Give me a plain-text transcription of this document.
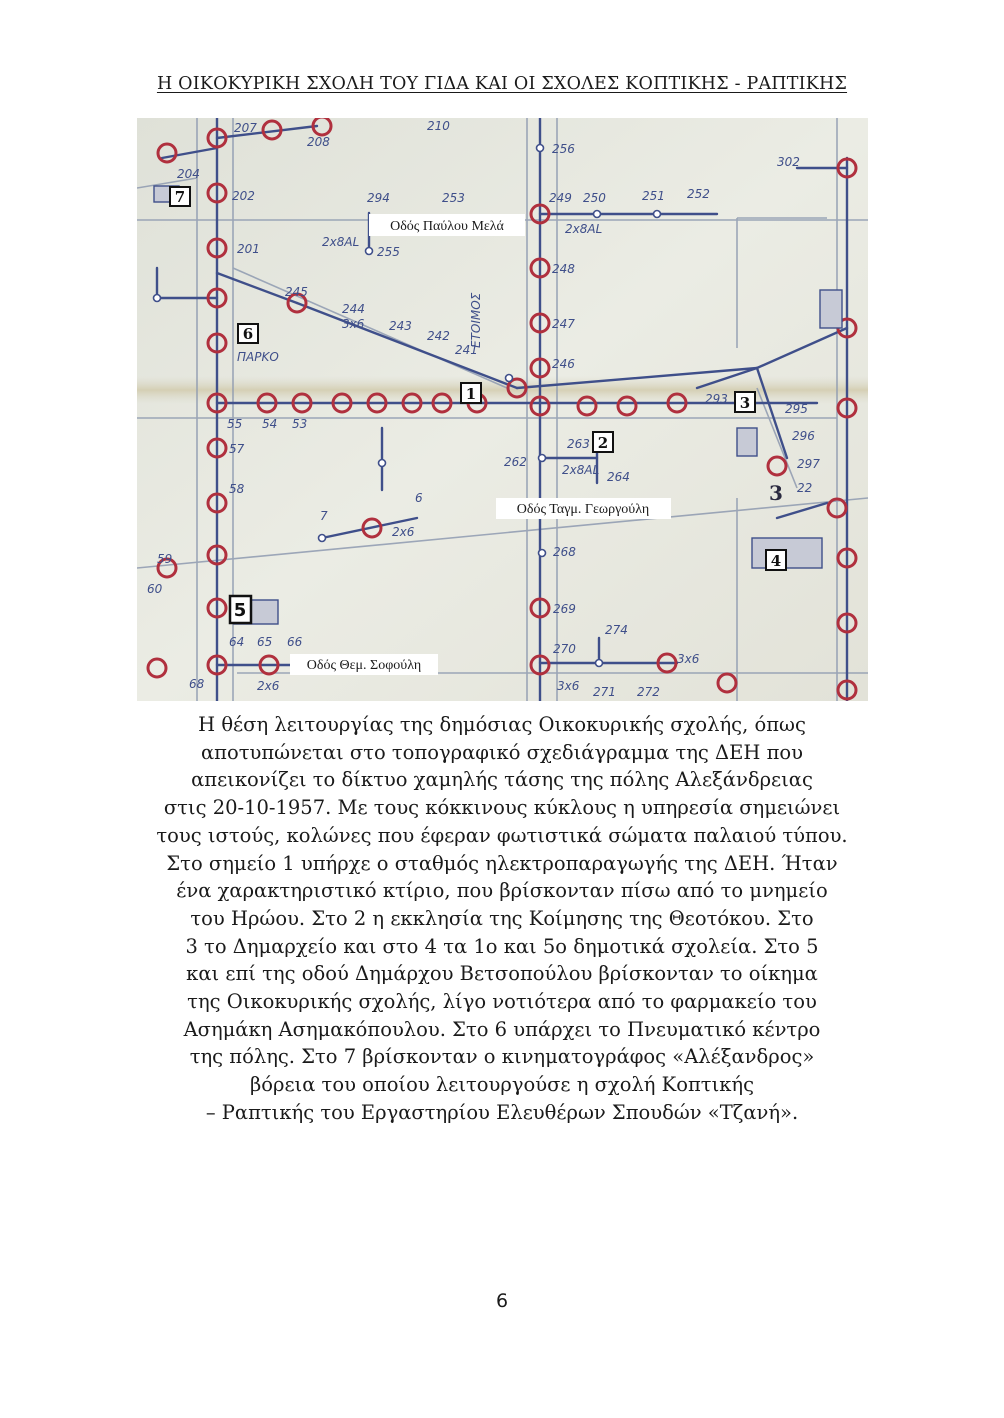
Η ΟΙΚΟΚΥΡΙΚΗ ΣΧΟΛΗ ΤΟΥ ΓΙΔΑ ΚΑΙ ΟΙ ΣΧΟΛΕΣ ΚΟΠΤΙΚΗΣ - ΡΑΠΤΙΚΗΣ
204
207
208
210
202
201
294	253	249 250	251 252
255
256
248
247
246
245
244
243
242
241
293
295
296
297
302
262
263
264
268
269
270
271 272
274
55 54 53
57
58
59
60
64 65 66
68
6
7
22
2x8AL
2x8AL
2x8AL
3x6
2x6
2x6
3x6
3x6
ΠΑΡΚΟ
ΕΤΟΙΜΟΣ
3
Οδός Παύλου Μελά
Οδός Ταγμ. Γεωργούλη
Οδός Θεμ. Σοφούλη
1
2
3
4
5
6
7

Η θέση λειτουργίας της δημόσιας Οικοκυρικής σχολής, όπως

αποτυπώνεται στο τοπογραφικό σχεδιάγραμμα της ΔΕΗ που

απεικονίζει το δίκτυο χαμηλής τάσης της πόλης Αλεξάνδρειας

στις 20-10-1957. Με τους κόκκινους κύκλους η υπηρεσία σημειώνει

τους ιστούς, κολώνες που έφεραν φωτιστικά σώματα παλαιού τύπου.

Στο σημείο 1 υπήρχε ο σταθμός ηλεκτροπαραγωγής της ΔΕΗ. Ήταν

ένα χαρακτηριστικό κτίριο, που βρίσκονταν πίσω από το μνημείο

του Ηρώου. Στο 2 η εκκλησία της Κοίμησης της Θεοτόκου. Στο

3 το Δημαρχείο και στο 4 τα 1ο και 5ο δημοτικά σχολεία. Στο 5

και επί της οδού Δημάρχου Βετσοπούλου βρίσκονταν το οίκημα

της Οικοκυρικής σχολής, λίγο νοτιότερα από το φαρμακείο του

Ασημάκη Ασημακόπουλου. Στο 6 υπάρχει το Πνευματικό κέντρο

της πόλης. Στο 7 βρίσκονταν ο κινηματογράφος «Αλέξανδρος»

βόρεια του οποίου λειτουργούσε η σχολή Κοπτικής

– Ραπτικής του Εργαστηρίου Ελευθέρων Σπουδών «Τζανή».

6
